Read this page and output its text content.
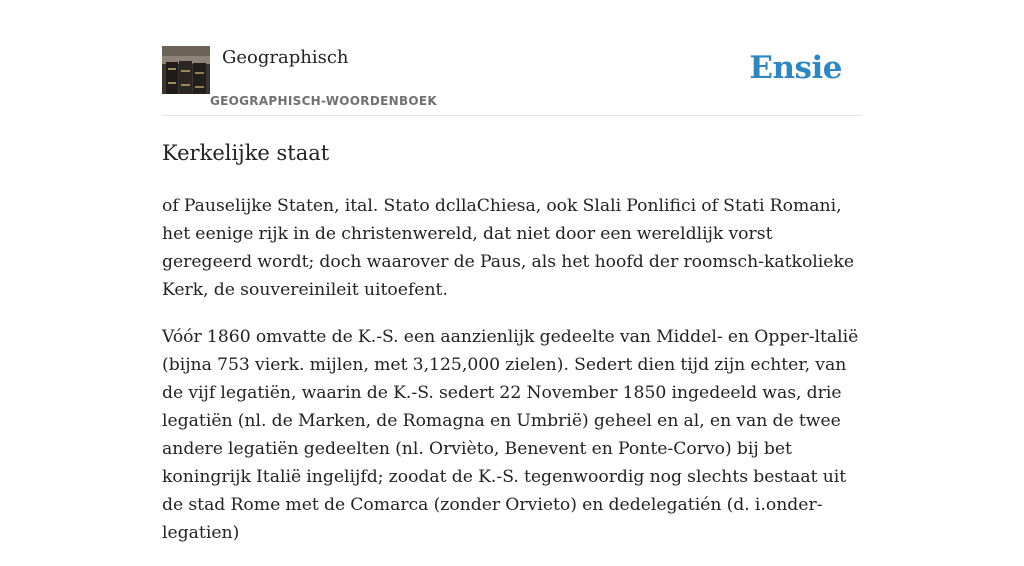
Geographisch
GEOGRAPHISCH-WOORDENBOEK
Ensie
Kerkelijke staat

of Pauselijke Staten, ital. Stato dcllaChiesa, ook Slali Ponlifici of Stati Romani, het eenige rijk in de christenwereld, dat niet door een wereldlijk vorst geregeerd wordt; doch waarover de Paus, als het hoofd der roomsch-katkolieke Kerk, de souvereinileit uitoefent.

Vóór 1860 omvatte de K.-S. een aanzienlijk gedeelte van Middel- en Opper-ltalië (bijna 753 vierk. mijlen, met 3,125,000 zielen). Sedert dien tijd zijn echter, van de vijf legatiën, waarin de K.-S. sedert 22 November 1850 ingedeeld was, drie legatiën (nl. de Marken, de Romagna en Umbrië) geheel en al, en van de twee andere legatiën gedeelten (nl. Orviètо, Benevent en Ponte-Corvo) bij bet koningrijk Italië ingelijfd; zoodat de K.-S. tegenwoordig nog slechts bestaat uit de stad Rome met de Comarca (zonder Orvieto) en dedelegatién (d. i.onder-legatien)
